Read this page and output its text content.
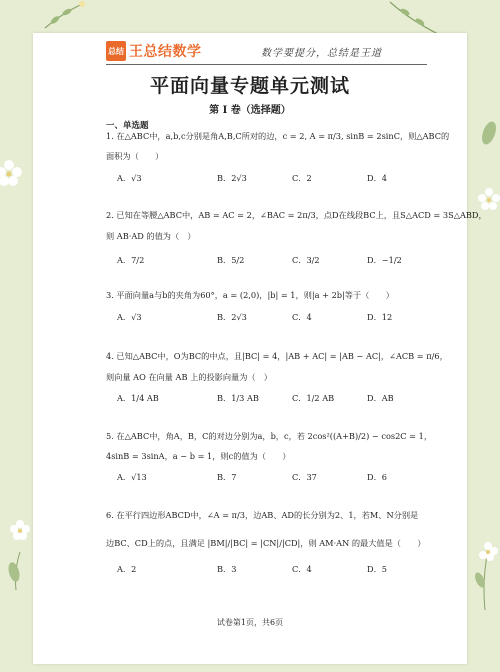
总结 王总结数学	数学要提分，总结是王道
平面向量专题单元测试
第 I 卷（选择题）
一、单选题
1. 在△ABC中，a,b,c分别是角A,B,C所对的边，c = 2, A = π/3, sinB = 2sinC，则△ABC的
面积为（　　）
A．√3	B．2√3	C．2	D．4
2. 已知在等腰△ABC中，AB = AC = 2，∠BAC = 2π/3，点D在线段BC上，且S△ACD = 3S△ABD，
则 AB·AD 的值为（　）
A．7/2	B．5/2	C．3/2	D．−1/2
3. 平面向量a与b的夹角为60°，a = (2,0)，|b| = 1，则|a + 2b|等于（　　）
A．√3	B．2√3	C．4	D．12
4. 已知△ABC中，O为BC的中点，且|BC| = 4，|AB + AC| = |AB − AC|，∠ACB = π/6，
则向量 AO 在向量 AB 上的投影向量为（　）
A．1/4 AB	B．1/3 AB	C．1/2 AB	D．AB
5. 在△ABC中，角A，B，C的对边分别为a，b，c，若 2cos²((A+B)/2) − cos2C = 1，
4sinB = 3sinA，a − b = 1，则c的值为（　　）
A．√13	B．7	C．37	D．6
6. 在平行四边形ABCD中，∠A = π/3，边AB、AD的长分别为2、1，若M、N分别是
边BC、CD上的点，且满足 |BM|/|BC| = |CN|/|CD|，则 AM·AN 的最大值是（　　）
A．2	B．3	C．4	D．5
试卷第1页，共6页
